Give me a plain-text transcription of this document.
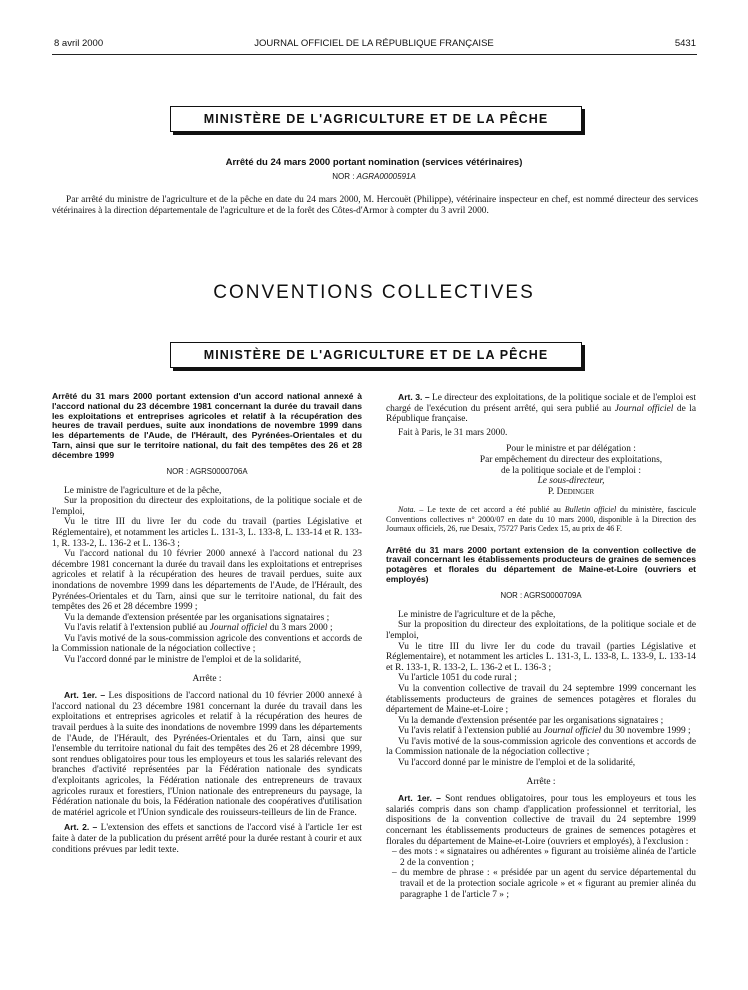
8 avril 2000	JOURNAL OFFICIEL DE LA RÉPUBLIQUE FRANÇAISE	5431
MINISTÈRE DE L'AGRICULTURE ET DE LA PÊCHE
Arrêté du 24 mars 2000 portant nomination (services vétérinaires)
NOR : AGRA0000591A

Par arrêté du ministre de l'agriculture et de la pêche en date du 24 mars 2000, M. Hercouët (Philippe), vétérinaire inspecteur en chef, est nommé directeur des services vétérinaires à la direction départementale de l'agriculture et de la forêt des Côtes-d'Armor à compter du 3 avril 2000.

CONVENTIONS COLLECTIVES
MINISTÈRE DE L'AGRICULTURE ET DE LA PÊCHE

Arrêté du 31 mars 2000 portant extension d'un accord national annexé à l'accord national du 23 décembre 1981 concernant la durée du travail dans les exploitations et entreprises agricoles et relatif à la récupération des heures de travail perdues, suite aux inondations de novembre 1999 dans les départements de l'Aude, de l'Hérault, des Pyrénées-Orientales et du Tarn, ainsi que sur le territoire national, du fait des tempêtes des 26 et 28 décembre 1999

NOR : AGRS0000706A

Le ministre de l'agriculture et de la pêche,

Sur la proposition du directeur des exploitations, de la politique sociale et de l'emploi,

Vu le titre III du livre Ier du code du travail (parties Législative et Réglementaire), et notamment les articles L. 131-3, L. 133-8, L. 133-14 et R. 133-1, R. 133-2, L. 136-2 et L. 136-3 ;

Vu l'accord national du 10 février 2000 annexé à l'accord national du 23 décembre 1981 concernant la durée du travail dans les exploitations et entreprises agricoles et relatif à la récupération des heures de travail perdues, suite aux inondations de novembre 1999 dans les départements de l'Aude, de l'Hérault, des Pyrénées-Orientales et du Tarn, ainsi que sur le territoire national, du fait des tempêtes des 26 et 28 décembre 1999 ;

Vu la demande d'extension présentée par les organisations signataires ;

Vu l'avis relatif à l'extension publié au Journal officiel du 3 mars 2000 ;

Vu l'avis motivé de la sous-commission agricole des conventions et accords de la Commission nationale de la négociation collective ;

Vu l'accord donné par le ministre de l'emploi et de la solidarité,

Arrête :

Art. 1er. – Les dispositions de l'accord national du 10 février 2000 annexé à l'accord national du 23 décembre 1981 concernant la durée du travail dans les exploitations et entreprises agricoles et relatif à la récupération des heures de travail perdues à la suite des inondations de novembre 1999 dans les départements de l'Aude, de l'Hérault, des Pyrénées-Orientales et du Tarn, ainsi que sur l'ensemble du territoire national du fait des tempêtes des 26 et 28 décembre 1999, sont rendues obligatoires pour tous les employeurs et tous les salariés relevant des branches d'activité représentées par la Fédération nationale des syndicats d'exploitants agricoles, la Fédération nationale des entrepreneurs de travaux agricoles ruraux et forestiers, l'Union nationale des entrepreneurs du paysage, la Fédération nationale du bois, la Fédération nationale des coopératives d'utilisation de matériel agricole et l'Union syndicale des rouisseurs-teilleurs de lin de France.

Art. 2. – L'extension des effets et sanctions de l'accord visé à l'article 1er est faite à dater de la publication du présent arrêté pour la durée restant à courir et aux conditions prévues par ledit texte.

Art. 3. – Le directeur des exploitations, de la politique sociale et de l'emploi est chargé de l'exécution du présent arrêté, qui sera publié au Journal officiel de la République française.

Fait à Paris, le 31 mars 2000.

Pour le ministre et par délégation :

Par empêchement du directeur des exploitations,

de la politique sociale et de l'emploi :

Le sous-directeur,

P. Dedinger

Nota. – Le texte de cet accord a été publié au Bulletin officiel du ministère, fascicule Conventions collectives n° 2000/07 en date du 10 mars 2000, disponible à la Direction des Journaux officiels, 26, rue Desaix, 75727 Paris Cedex 15, au prix de 46 F.

Arrêté du 31 mars 2000 portant extension de la convention collective de travail concernant les établissements producteurs de graines de semences potagères et florales du département de Maine-et-Loire (ouvriers et employés)

NOR : AGRS0000709A

Le ministre de l'agriculture et de la pêche,

Sur la proposition du directeur des exploitations, de la politique sociale et de l'emploi,

Vu le titre III du livre Ier du code du travail (parties Législative et Réglementaire), et notamment les articles L. 131-3, L. 133-8, L. 133-9, L. 133-14 et R. 133-1, R. 133-2, L. 136-2 et L. 136-3 ;

Vu l'article 1051 du code rural ;

Vu la convention collective de travail du 24 septembre 1999 concernant les établissements producteurs de graines de semences potagères et florales du département de Maine-et-Loire ;

Vu la demande d'extension présentée par les organisations signataires ;

Vu l'avis relatif à l'extension publié au Journal officiel du 30 novembre 1999 ;

Vu l'avis motivé de la sous-commission agricole des conventions et accords de la Commission nationale de la négociation collective ;

Vu l'accord donné par le ministre de l'emploi et de la solidarité,

Arrête :

Art. 1er. – Sont rendues obligatoires, pour tous les employeurs et tous les salariés compris dans son champ d'application professionnel et territorial, les dispositions de la convention collective de travail du 24 septembre 1999 concernant les établissements producteurs de graines de semences potagères et florales du département de Maine-et-Loire (ouvriers et employés), à l'exclusion :

– des mots : « signataires ou adhérentes » figurant au troisième alinéa de l'article 2 de la convention ;

– du membre de phrase : « présidée par un agent du service départemental du travail et de la protection sociale agricole » et « figurant au premier alinéa du paragraphe 1 de l'article 7 » ;
